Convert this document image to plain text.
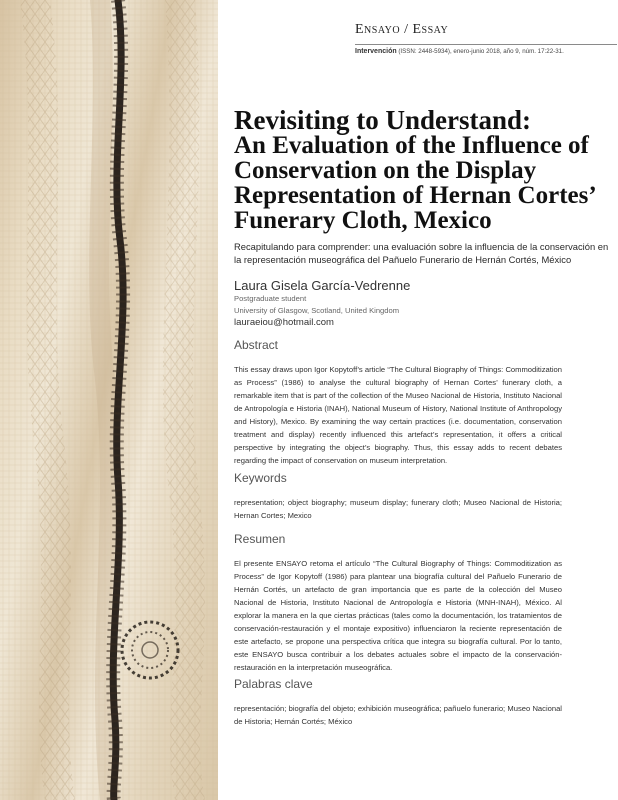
Ensayo / Essay
Intervención (ISSN: 2448-5934), enero-junio 2018, año 9, núm. 17:22-31.
Revisiting to Understand:
An Evaluation of the Influence of Conservation on the Display Representation of Hernan Cortes’ Funerary Cloth, Mexico

Recapitulando para comprender: una evaluación sobre la influencia de la conservación en la representación museográfica del Pañuelo Funerario de Hernán Cortés, México

Laura Gisela García-Vedrenne
Postgraduate student
University of Glasgow, Scotland, United Kingdom
lauraeiou@hotmail.com
Abstract

This essay draws upon Igor Kopytoff’s article “The Cultural Biography of Things: Commoditization as Process” (1986) to analyse the cultural biography of Hernan Cortes’ funerary cloth, a remarkable item that is part of the collection of the Museo Nacional de Historia, Instituto Nacional de Antropología e Historia (INAH), National Museum of History, National Institute of Anthropology and History), Mexico. By examining the way certain practices (i.e. documentation, conservation treatment and display) recently influenced this artefact’s representation, it offers a critical perspective by integrating the object’s biography. Thus, this essay adds to recent debates regarding the impact of conservation on museum interpretation.

Keywords

representation; object biography; museum display; funerary cloth; Museo Nacional de Historia; Hernan Cortes; Mexico

Resumen

El presente ENSAYO retoma el artículo “The Cultural Biography of Things: Commoditization as Process” de Igor Kopytoff (1986) para plantear una biografía cultural del Pañuelo Funerario de Hernán Cortés, un artefacto de gran importancia que es parte de la colección del Museo Nacional de Historia, Instituto Nacional de Antropología e Historia (MNH-INAH), México. Al explorar la manera en la que ciertas prácticas (tales como la documentación, los tratamientos de conservación-restauración y el montaje expositivo) influenciaron la reciente representación de este artefacto, se propone una perspectiva crítica que integra su biografía cultural. Por lo tanto, este ENSAYO busca contribuir a los debates actuales sobre el impacto de la conservación-restauración en la interpretación museográfica.

Palabras clave

representación; biografía del objeto; exhibición museográfica; pañuelo funerario; Museo Nacional de Historia; Hernán Cortés; México
